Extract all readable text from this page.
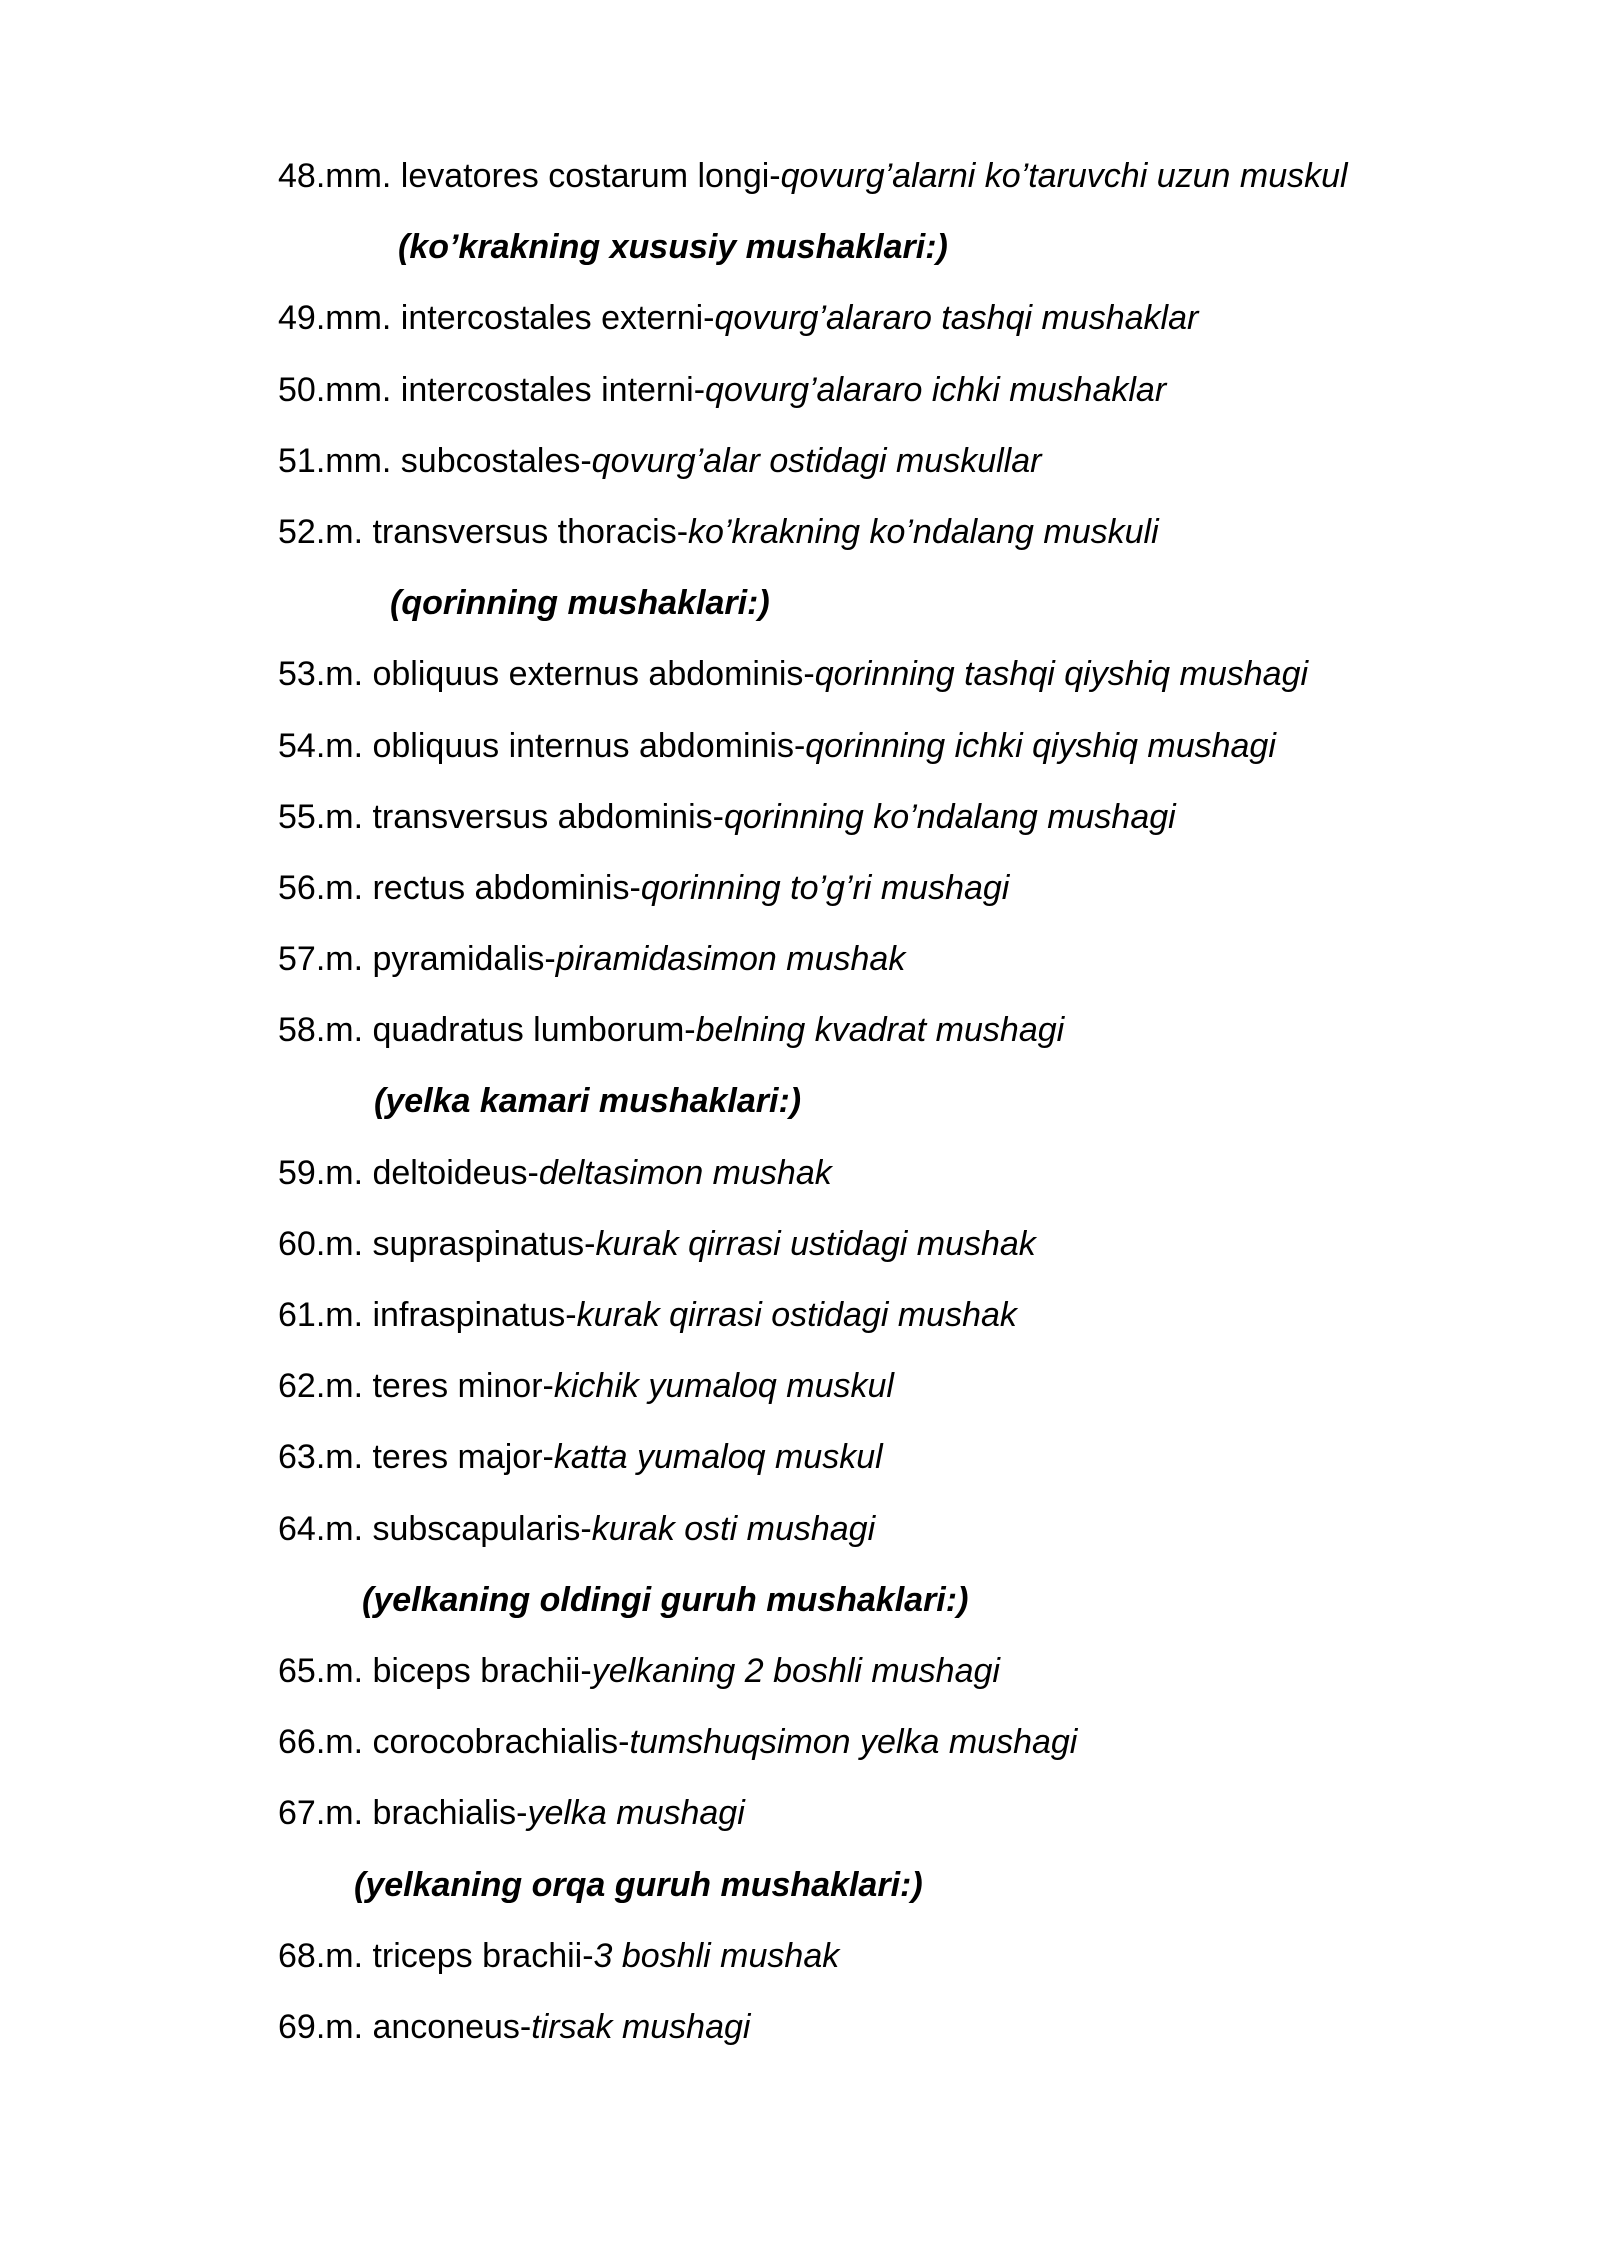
48.mm. levatores costarum longi-qovurg’alarni ko’taruvchi uzun muskul
(ko’krakning xususiy mushaklari:)
49.mm. intercostales externi-qovurg’alararo tashqi mushaklar
50.mm. intercostales interni-qovurg’alararo ichki mushaklar
51.mm. subcostales-qovurg’alar ostidagi muskullar
52.m. transversus thoracis-ko’krakning ko’ndalang muskuli
(qorinning mushaklari:)
53.m. obliquus externus abdominis-qorinning tashqi qiyshiq mushagi
54.m. obliquus internus abdominis-qorinning ichki qiyshiq mushagi
55.m. transversus abdominis-qorinning ko’ndalang mushagi
56.m. rectus abdominis-qorinning to’g’ri mushagi
57.m. pyramidalis-piramidasimon mushak
58.m. quadratus lumborum-belning kvadrat mushagi
(yelka kamari mushaklari:)
59.m. deltoideus-deltasimon mushak
60.m. supraspinatus-kurak qirrasi ustidagi mushak
61.m. infraspinatus-kurak qirrasi ostidagi mushak
62.m. teres minor-kichik yumaloq muskul
63.m. teres major-katta yumaloq muskul
64.m. subscapularis-kurak osti mushagi
(yelkaning oldingi guruh mushaklari:)
65.m. biceps brachii-yelkaning 2 boshli mushagi
66.m. corocobrachialis-tumshuqsimon yelka mushagi
67.m. brachialis-yelka mushagi
(yelkaning orqa guruh mushaklari:)
68.m. triceps brachii-3 boshli mushak
69.m. anconeus-tirsak mushagi
